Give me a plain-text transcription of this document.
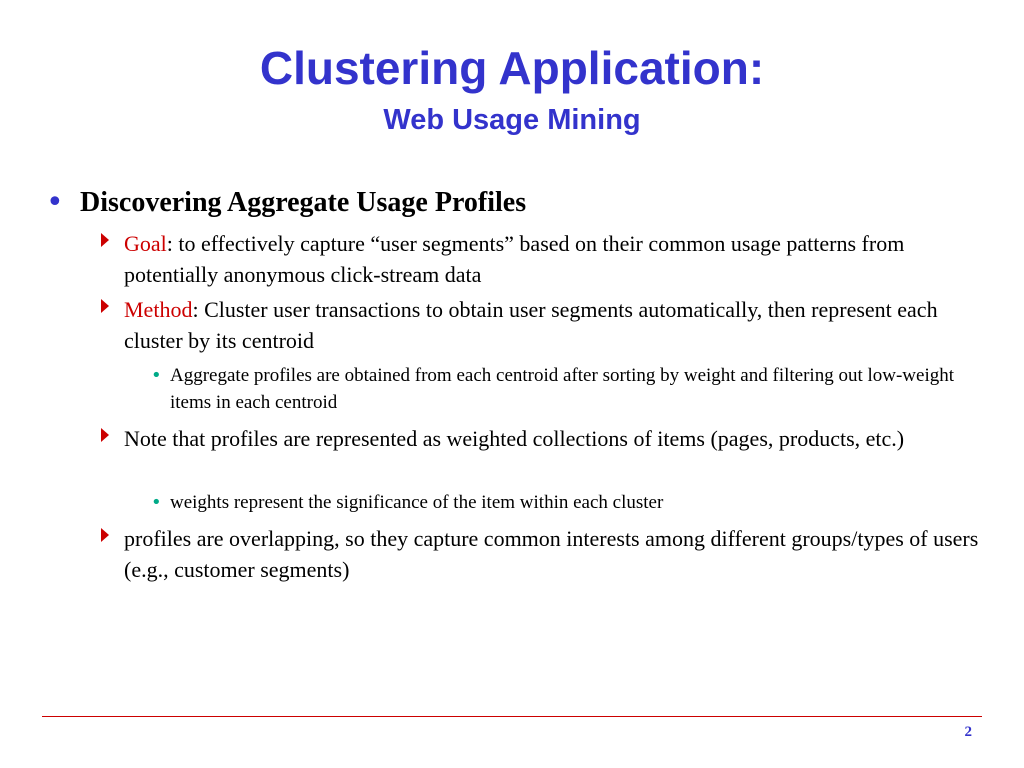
Clustering Application:
Web Usage Mining
• Discovering Aggregate Usage Profiles
Goal: to effectively capture “user segments” based on their common usage patterns from potentially anonymous click-stream data
Method: Cluster user transactions to obtain user segments automatically, then represent each cluster by its centroid
• Aggregate profiles are obtained from each centroid after sorting by weight and filtering out low-weight items in each centroid
Note that profiles are represented as weighted collections of items (pages, products, etc.)
• weights represent the significance of the item within each cluster
profiles are overlapping, so they capture common interests among different groups/types of users (e.g., customer segments)
2
